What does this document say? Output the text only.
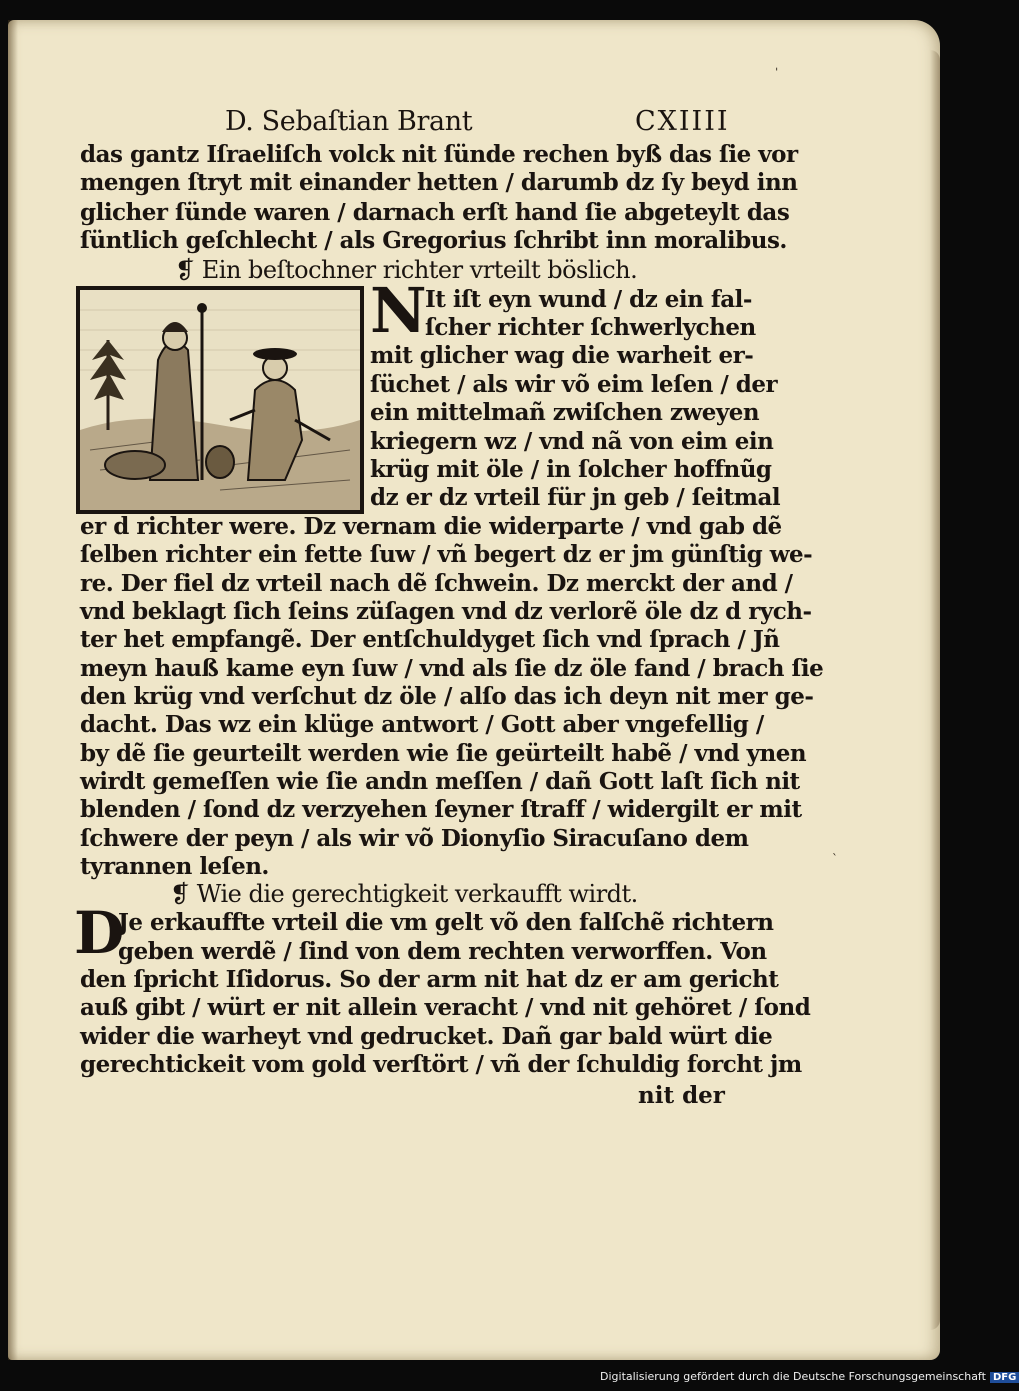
D. Sebaſtian Brant	CXIIII
das gantz Iſraeliſch volck nit ſünde rechen byß das ſie vor
mengen ſtryt mit einander hetten / darumb dz ſy beyd inn
glicher ſünde waren / darnach erſt hand ſie abgeteylt das
ſüntlich geſchlecht / als Gregorius ſchribt inn moralibus.
❡ Ein beſtochner richter vrteilt böslich.
N
It iſt eyn wund / dz ein fal-
ſcher richter ſchwerlychen
mit glicher wag die warheit er-
ſüchet / als wir võ eim leſen / der
ein mittelmañ zwiſchen zweyen
kriegern wz / vnd nã von eim ein
krüg mit öle / in ſolcher hoffnũg
dz er dz vrteil für jn geb / ſeitmal
er d richter were. Dz vernam die widerparte / vnd gab dẽ
ſelben richter ein fette ſuw / vñ begert dz er jm günſtig we-
re. Der fiel dz vrteil nach dẽ ſchwein. Dz merckt der and /
vnd beklagt ſich ſeins züſagen vnd dz verlorẽ öle dz d rych-
ter het empfangẽ. Der entſchuldyget ſich vnd ſprach / Jñ
meyn hauß kame eyn ſuw / vnd als ſie dz öle fand / brach ſie
den krüg vnd verſchut dz öle / alſo das ich deyn nit mer ge-
dacht. Das wz ein klüge antwort / Gott aber vngefellig /
by dẽ ſie geurteilt werden wie ſie geürteilt habẽ / vnd ynen
wirdt gemeſſen wie ſie andn meſſen / dañ Gott laſt ſich nit
blenden / ſond dz verzyehen ſeyner ſtraff / widergilt er mit
ſchwere der peyn / als wir võ Dionyſio Siracuſano dem
tyrannen leſen.
❡ Wie die gerechtigkeit verkaufft wirdt.
D
Je erkauffte vrteil die vm gelt võ den falſchẽ richtern
geben werdẽ / ſind von dem rechten verworffen. Von
den ſpricht Iſidorus. So der arm nit hat dz er am gericht
auß gibt / würt er nit allein veracht / vnd nit gehöret / ſond
wider die warheyt vnd gedrucket. Dañ gar bald würt die
gerechtickeit vom gold verſtört / vñ der ſchuldig forcht jm
nit der
ˈ
ˋ
Digitalisierung gefördert durch die Deutsche Forschungsgemeinschaft DFG
